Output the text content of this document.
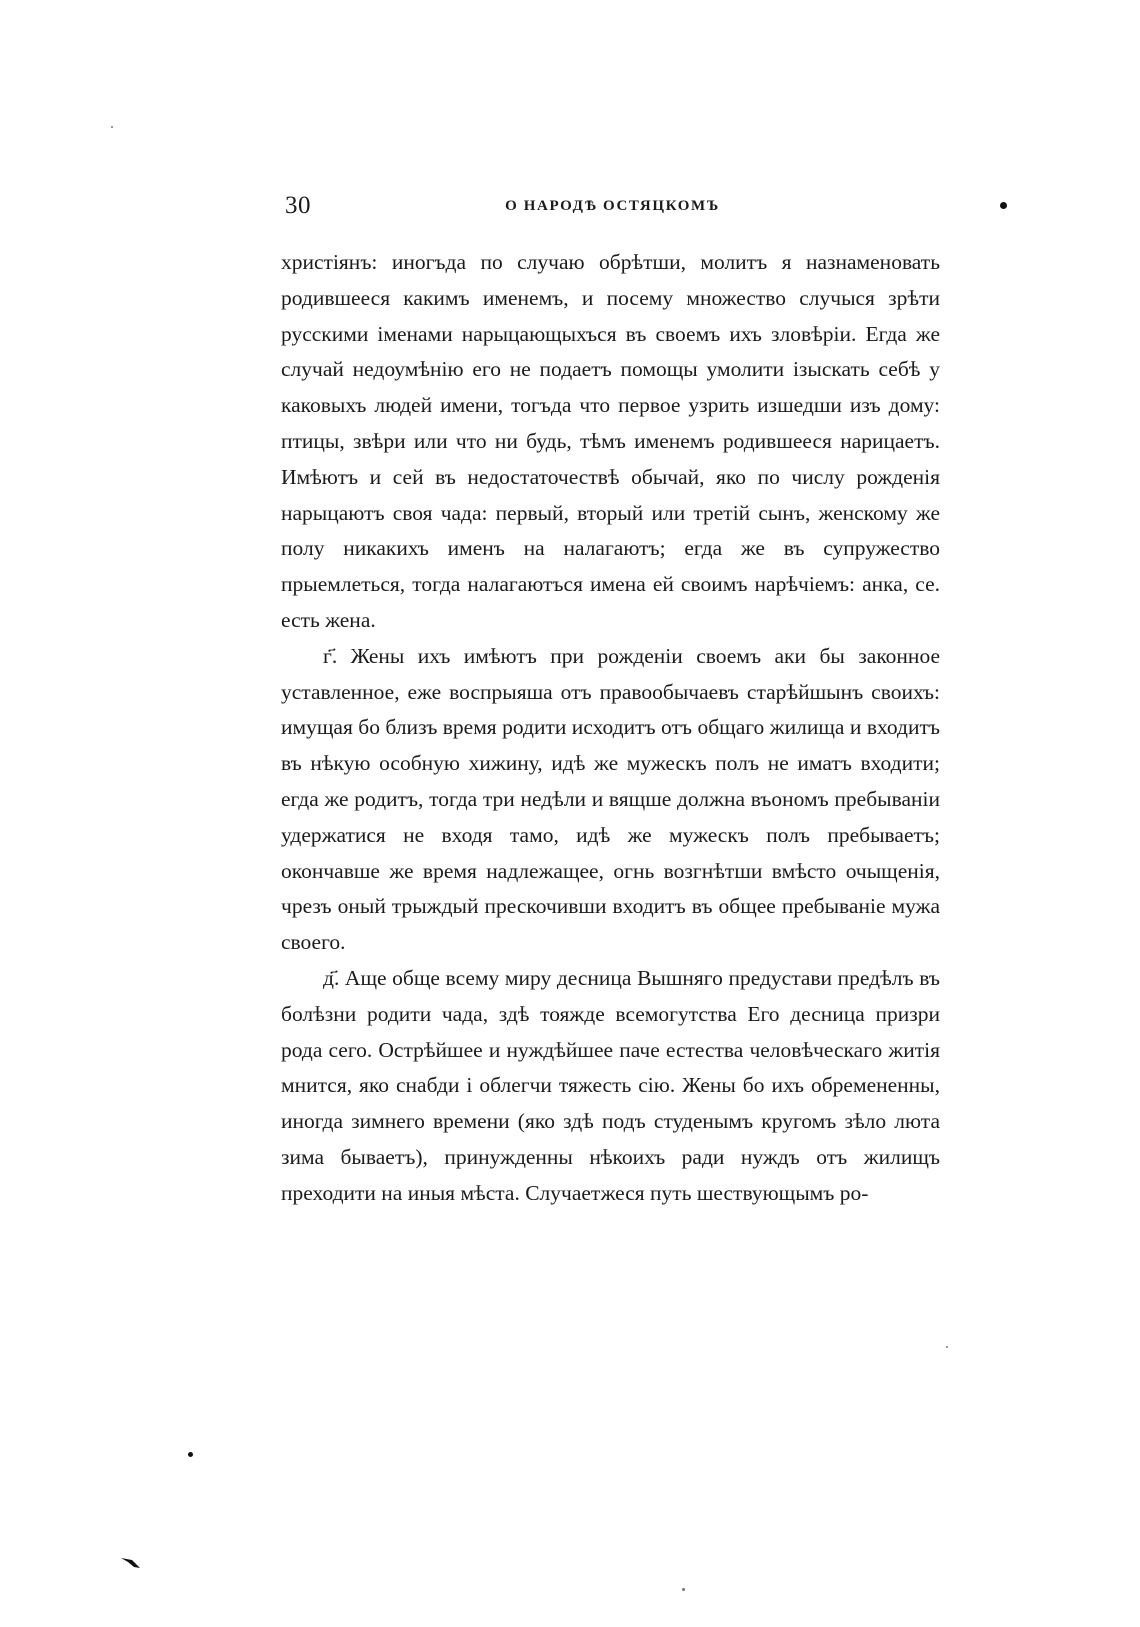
30	О НАРОДѢ ОСТЯЦКОМЪ

христіянъ: иногъда по случаю обрѣтши, молитъ я назнаменовать родившееся какимъ именемъ, и посему множество случыся зрѣти русскими іменами нарыцающыхъся въ своемъ ихъ зловѣріи. Егда же случай недоумѣнію его не подаетъ помощы умолити ізыскать себѣ у каковыхъ людей имени, тогъда что первое узрить изшедши изъ дому: птицы, звѣри или что ни будь, тѣмъ именемъ родившееся нарицаетъ. Имѣютъ и сей въ недостаточествѣ обычай, яко по числу рожденія нарыцаютъ своя чада: первый, вторый или третій сынъ, женскому же полу никакихъ именъ на налагаютъ; егда же въ супружество прыемлеться, тогда налагаютъся имена ей своимъ нарѣчіемъ: анка, се. есть жена.

г҃. Жены ихъ имѣютъ при рожденіи своемъ аки бы законное уставленное, еже воспрыяша отъ правообычаевъ старѣйшынъ своихъ: имущая бо близъ время родити исходитъ отъ общаго жилища и входитъ въ нѣкую особную хижину, идѣ же мужескъ полъ не иматъ входити; егда же родитъ, тогда три недѣли и вящше должна въономъ пребываніи удержатися не входя тамо, идѣ же мужескъ полъ пребываетъ; окончавше же время надлежащее, огнь возгнѣтши вмѣсто очыщенія, чрезъ оный трыждый прескочивши входитъ въ общее пребываніе мужа своего.

д҃. Аще обще всему миру десница Вышняго предустави предѣлъ въ болѣзни родити чада, здѣ тояжде всемогутства Его десница призри рода сего. Острѣйшее и нуждѣйшее паче естества человѣческаго житія мнится, яко снабди і облегчи тяжесть сію. Жены бо ихъ обремененны, иногда зимнего времени (яко здѣ подъ студенымъ кругомъ зѣло люта зима бываетъ), принужденны нѣкоихъ ради нуждъ отъ жилищъ преходити на иныя мѣста. Случаетжеся путь шествующымъ ро-
